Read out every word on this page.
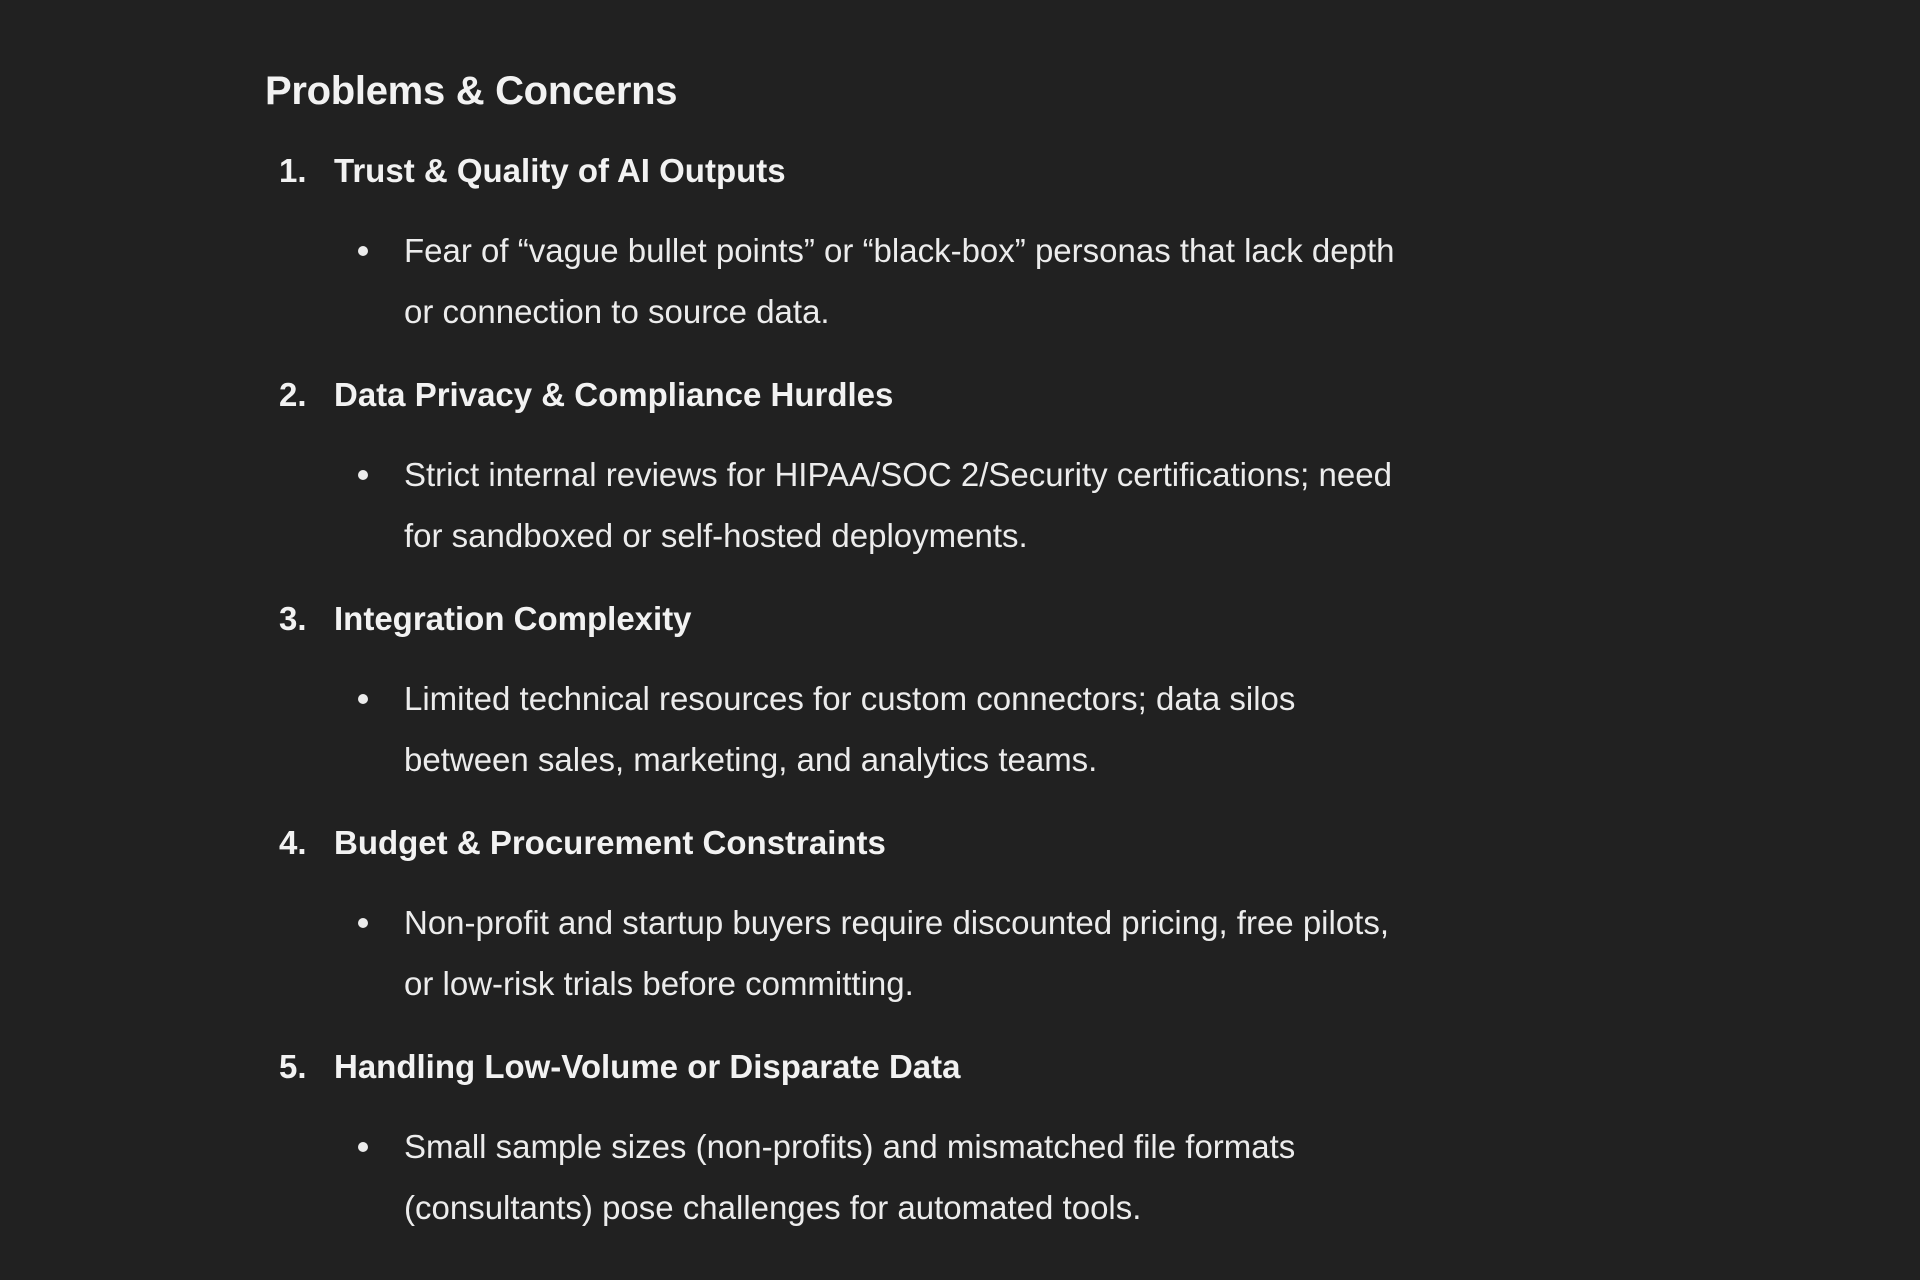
Problems & Concerns
1. Trust & Quality of AI Outputs
Fear of “vague bullet points” or “black-box” personas that lack depth or connection to source data.
2. Data Privacy & Compliance Hurdles
Strict internal reviews for HIPAA/SOC 2/Security certifications; need for sandboxed or self-hosted deployments.
3. Integration Complexity
Limited technical resources for custom connectors; data silos between sales, marketing, and analytics teams.
4. Budget & Procurement Constraints
Non-profit and startup buyers require discounted pricing, free pilots, or low-risk trials before committing.
5. Handling Low-Volume or Disparate Data
Small sample sizes (non-profits) and mismatched file formats (consultants) pose challenges for automated tools.
